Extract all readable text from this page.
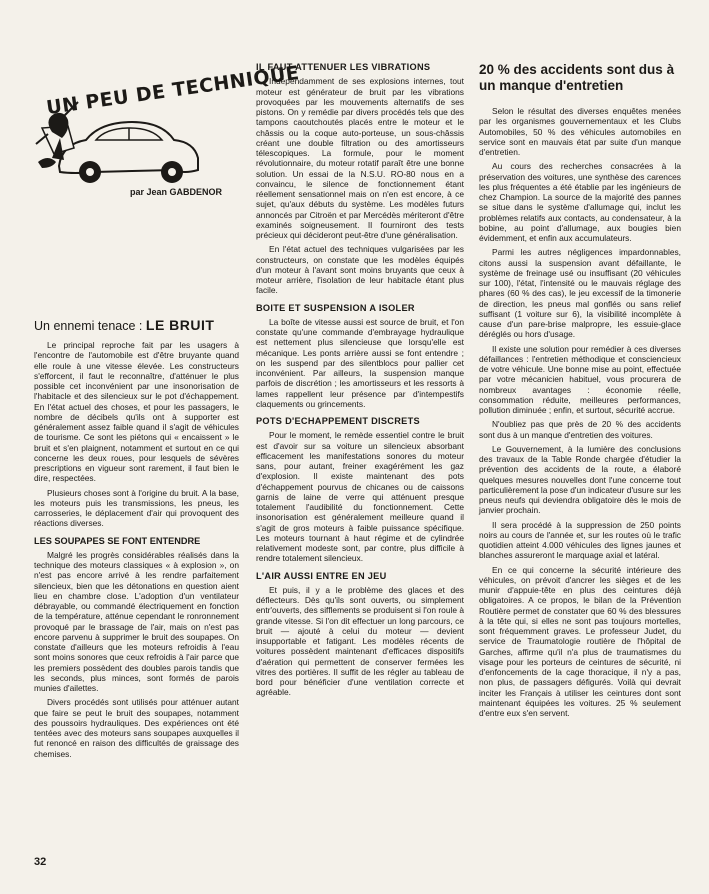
UN PEU DE TECHNIQUE
par Jean GABDENOR
Un ennemi tenace : LE BRUIT

Le principal reproche fait par les usagers à l'encontre de l'automobile est d'être bruyante quand elle roule à une vitesse élevée. Les constructeurs s'efforcent, il faut le reconnaître, d'atténuer le plus possible cet inconvénient par une insonorisation de l'habitacle et des silencieux sur le pot d'échappement. En l'état actuel des choses, et pour les passagers, le nombre de décibels qu'ils ont à supporter est généralement assez faible quand il s'agit de véhicules de tourisme. Ce sont les piétons qui « encaissent » le bruit et s'en plaignent, notamment et surtout en ce qui concerne les deux roues, pour lesquels de sévères prescriptions en vigueur sont rarement, il faut bien le dire, respectées.

Plusieurs choses sont à l'origine du bruit. A la base, les moteurs puis les transmissions, les pneus, les carrosseries, le déplacement d'air qui provoquent des réactions diverses.

LES SOUPAPES SE FONT ENTENDRE

Malgré les progrès considérables réalisés dans la technique des moteurs classiques « à explosion », on n'est pas encore arrivé à les rendre parfaitement silencieux, bien que les détonations en question aient lieu en chambre close. L'adoption d'un ventilateur débrayable, ou commandé électriquement en fonction de la température, atténue cependant le ronronnement provoqué par le brassage de l'air, mais on n'est pas encore parvenu à supprimer le bruit des soupapes. On constate d'ailleurs que les moteurs refroidis à l'eau sont moins sonores que ceux refroidis à l'air parce que les premiers possèdent des doubles parois tandis que les seconds, plus minces, sont formés de parois munies d'ailettes.

Divers procédés sont utilisés pour atténuer autant que faire se peut le bruit des soupapes, notamment des poussoirs hydrauliques. Des expériences ont été tentées avec des moteurs sans soupapes auxquelles il fut renoncé en raison des difficultés de graissage des chemises.

IL FAUT ATTENUER LES VIBRATIONS

Indépendamment de ses explosions internes, tout moteur est générateur de bruit par les vibrations provoquées par les mouvements alternatifs de ses pistons. On y remédie par divers procédés tels que des tampons caoutchoutés placés entre le moteur et le châssis ou la coque auto-porteuse, un sous-châssis créant une double filtration ou des amortisseurs télescopiques. La formule, pour le moment révolutionnaire, du moteur rotatif paraît être une bonne solution. Un essai de la N.S.U. RO-80 nous en a convaincu, le silence de fonctionnement étant réellement sensationnel mais on n'en est encore, à ce sujet, qu'aux débuts du système. Les modèles futurs annoncés par Citroën et par Mercédès mériteront d'être examinés soigneusement. Il fourniront des tests précieux qui décideront peut-être d'une généralisation.

En l'état actuel des techniques vulgarisées par les constructeurs, on constate que les modèles équipés d'un moteur à l'avant sont moins bruyants que ceux à moteur arrière, l'isolation de leur habitacle étant plus facile.

BOITE ET SUSPENSION A ISOLER

La boîte de vitesse aussi est source de bruit, et l'on constate qu'une commande d'embrayage hydraulique est nettement plus silencieuse que lorsqu'elle est mécanique. Les ponts arrière aussi se font entendre ; on les suspend par des silentblocs pour pallier cet inconvénient. Par ailleurs, la suspension manque parfois de discrétion ; les amortisseurs et les ressorts à lames rappellent leur présence par d'intempestifs claquements ou grincements.

POTS D'ECHAPPEMENT DISCRETS

Pour le moment, le remède essentiel contre le bruit est d'avoir sur sa voiture un silencieux absorbant efficacement les manifestations sonores du moteur sans, pour autant, freiner exagérément les gaz d'explosion. Il existe maintenant des pots d'échappement pourvus de chicanes ou de caissons garnis de laine de verre qui atténuent presque totalement l'audibilité du fonctionnement. Cette insonorisation est généralement meilleure quand il s'agit de gros moteurs à faible puissance spécifique. Les moteurs tournant à haut régime et de cylindrée relativement modeste sont, par contre, plus difficile à rendre totalement silencieux.

L'AIR AUSSI ENTRE EN JEU

Et puis, il y a le problème des glaces et des déflecteurs. Dès qu'ils sont ouverts, ou simplement entr'ouverts, des sifflements se produisent si l'on roule à grande vitesse. Si l'on dit effectuer un long parcours, ce bruit — ajouté à celui du moteur — devient insupportable et fatigant. Les modèles récents de voitures possèdent maintenant d'efficaces dispositifs d'aération qui permettent de conserver fermées les vitres des portières. Il suffit de les régler au tableau de bord pour bénéficier d'une ventilation correcte et agréable.

20 % des accidents sont dus à un manque d'entretien

Selon le résultat des diverses enquêtes menées par les organismes gouvernementaux et les Clubs Automobiles, 50 % des véhicules automobiles en service sont en mauvais état par suite d'un manque d'entretien.

Au cours des recherches consacrées à la préservation des voitures, une synthèse des carences les plus fréquentes a été établie par les ingénieurs de chez Champion. La source de la majorité des pannes se situe dans le système d'allumage qui, inclut les problèmes relatifs aux contacts, au condensateur, à la bobine, au point d'allumage, aux bougies bien évidemment, et enfin aux accumulateurs.

Parmi les autres négligences impardonnables, citons aussi la suspension avant défaillante, le système de freinage usé ou insuffisant (20 véhicules sur 100), l'état, l'intensité ou le mauvais réglage des phares (60 % des cas), le jeu excessif de la timonerie de direction, les pneus mal gonflés ou sans relief suffisant (1 voiture sur 6), la visibilité incomplète à cause d'un pare-brise malpropre, les essuie-glace déréglés ou hors d'usage.

Il existe une solution pour remédier à ces diverses défaillances : l'entretien méthodique et consciencieux de votre véhicule. Une bonne mise au point, effectuée par votre mécanicien habituel, vous procurera de nombreux avantages : économie réelle, consommation réduite, meilleures performances, pollution diminuée ; enfin, et surtout, sécurité accrue.

N'oubliez pas que près de 20 % des accidents sont dus à un manque d'entretien des voitures.

Le Gouvernement, à la lumière des conclusions des travaux de la Table Ronde chargée d'étudier la prévention des accidents de la route, a élaboré quelques mesures nouvelles dont l'une concerne tout particulièrement la pose d'un indicateur d'usure sur les pneus neufs qui deviendra obligatoire dès le mois de janvier prochain.

Il sera procédé à la suppression de 250 points noirs au cours de l'année et, sur les routes où le trafic quotidien atteint 4.000 véhicules des lignes jaunes et blanches assureront le marquage axial et latéral.

En ce qui concerne la sécurité intérieure des véhicules, on prévoit d'ancrer les sièges et de les munir d'appuie-tête en plus des ceintures déjà obligatoires. A ce propos, le bilan de la Prévention Routière permet de constater que 60 % des blessures à la tête qui, si elles ne sont pas toujours mortelles, sont fréquemment graves. Le professeur Judet, du service de Traumatologie routière de l'hôpital de Garches, affirme qu'il n'a plus de traumatismes du visage pour les porteurs de ceintures de sécurité, ni d'enfoncements de la cage thoracique, il n'y a pas, non plus, de passagers défigurés. Voilà qui devrait inciter les Français à utiliser les ceintures dont sont maintenant équipées les voitures. 25 % seulement d'entre eux s'en servent.

32
